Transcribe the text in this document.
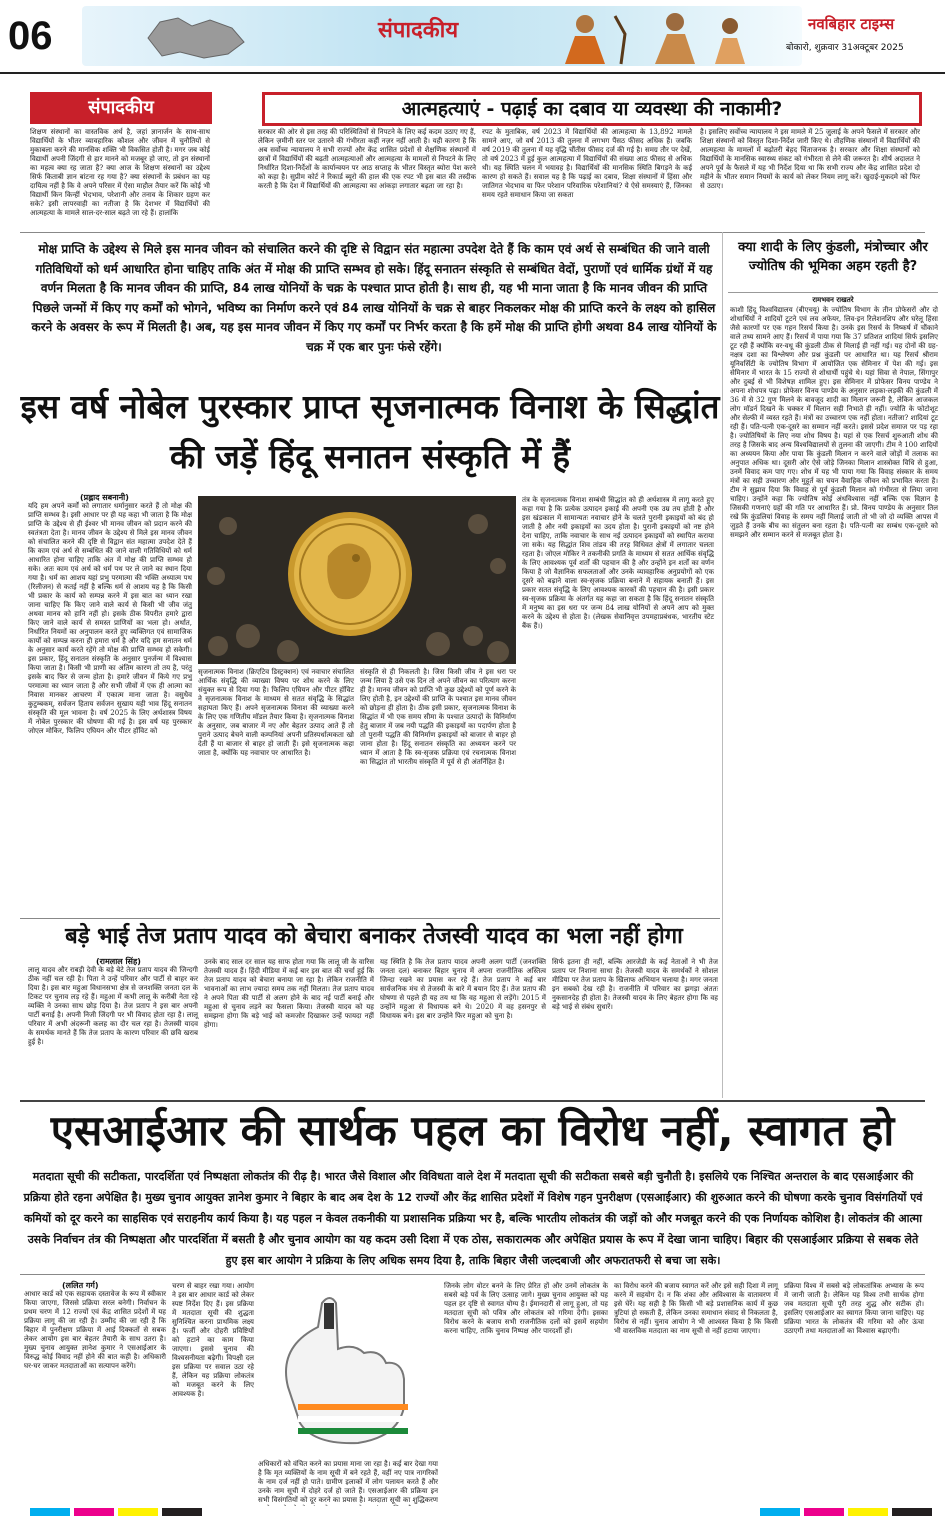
06	संपादकीय	नवबिहार टाइम्स
बोकारो, शुक्रवार 31अक्टूबर 2025
संपादकीय	आत्महत्याएं - पढ़ाई का दबाव या व्यवस्था की नाकामी?
शिक्षण संस्थानों का वास्तविक अर्थ है, जहां ज्ञानार्जन के साथ-साथ विद्यार्थियों के भीतर व्यावहारिक कौशल और जीवन में चुनौतियों से मुकाबला करने की मानसिक शक्ति भी विकसित होती है। मगर जब कोई विद्यार्थी अपनी जिंदगी से हार मानने को मजबूर हो जाए, तो इन संस्थानों का महत्व क्या रह जाता है? क्या आज के शिक्षण संस्थानों का उद्देश्य सिर्फ किताबी ज्ञान बांटना रह गया है? क्या संस्थानों के प्रबंधन का यह दायित्व नहीं है कि वे अपने परिसर में ऐसा माहौल तैयार करें कि कोई भी विद्यार्थी किन किन्हीं भेदभाव, परेशानी और तनाव के शिकार ग्रहण कर सके? इसी लापरवाही का नतीजा है कि देशभर में विद्यार्थियों की आत्महत्या के मामले साल-दर-साल बढ़ते जा रहे हैं। हालांकि
सरकार की ओर से इस तरह की परिस्थितियों से निपटने के लिए कई कदम उठाए गए हैं, लेकिन ज़मीनी स्तर पर उतारने की गंभीरता कहीं नज़र नहीं आती है। यही कारण है कि अब सर्वोच्च न्यायालय ने सभी राज्यों और केंद्र शासित प्रदेशों से शैक्षणिक संस्थानों में छात्रों में विद्यार्थियों की बढ़ती आत्महत्याओं और आत्महत्या के मामलों से निपटने के लिए निर्धारित दिशा-निर्देशों के कार्यान्वयन पर आठ सप्ताह के भीतर विस्तृत ब्योरा पेश करने को कहा है। सुप्रीम कोर्ट ने रिकार्ड ब्यूरो की हाल की एक रपट भी इस बात की तस्दीक करती है कि देश में विद्यार्थियों की आत्महत्या का आंकड़ा लगातार बढ़ता जा रहा है।
रपट के मुताबिक, वर्ष 2023 में विद्यार्थियों की आत्महत्या के 13,892 मामले सामने आए, जो वर्ष 2013 की तुलना में लगभग पैंसठ फीसद अधिक हैं। जबकि वर्ष 2019 की तुलना में यह वृद्धि चौंतीस फीसद दर्ज की गई है। समग्र तौर पर देखें, तो वर्ष 2023 में हुई कुल आत्महत्या में विद्यार्थियों की संख्या आठ फीसद से अधिक थी। यह स्थिति चलन में भयावह है। विद्यार्थियों की मानसिक स्थिति बिगड़ने के कई कारण हो सकते हैं। सवाल यह है कि पढ़ाई का दबाव, शिक्षा संस्थानों में हिंसा और जातिगत भेदभाव या फिर परेशान परिवारिक परेशानियां? ये ऐसे समस्याएं हैं, जिनका समय रहते समाधान किया जा सकता
है। इसलिए सर्वोच्च न्यायालय ने इस मामले में 25 जुलाई के अपने फैसले में सरकार और शिक्षा संस्थानों को विस्तृत दिशा-निर्देश जारी किए थे। तौहणिक संस्थानों में विद्यार्थियों की आत्महत्या के मामलों में बढ़ोतरी बेहद चिंताजनक है। सरकार और शिक्षा संस्थानों को विद्यार्थियों के मानसिक स्वास्थ्य संकट को गंभीरता से लेने की जरूरत है। शीर्ष अदालत ने अपने पूर्व के फैसले में यह भी निर्देश दिया था कि सभी राज्य और केंद्र शासित प्रदेश दो महीने के भीतर समान नियमों के कार्य को लेकर नियम लागू करें। खुदाई-मुकदमे को फिर से उठाए।
मोक्ष प्राप्ति के उद्देश्य से मिले इस मानव जीवन को संचालित करने की दृष्टि से विद्वान संत महात्मा उपदेश देते हैं कि काम एवं अर्थ से सम्बंधित की जाने वाली गतिविधियों को धर्म आधारित होना चाहिए ताकि अंत में मोक्ष की प्राप्ति सम्भव हो सके। हिंदू सनातन संस्कृति से सम्बंधित वेदों, पुराणों एवं धार्मिक ग्रंथों में यह वर्णन मिलता है कि मानव जीवन की प्राप्ति, 84 लाख योनियों के चक्र के पश्चात प्राप्त होती है। साथ ही, यह भी माना जाता है कि मानव जीवन की प्राप्ति पिछले जन्मों में किए गए कर्मों को भोगने, भविष्य का निर्माण करने एवं 84 लाख योनियों के चक्र से बाहर निकलकर मोक्ष की प्राप्ति करने के लक्ष्य को हासिल करने के अवसर के रूप में मिलती है। अब, यह इस मानव जीवन में किए गए कर्मों पर निर्भर करता है कि हमें मोक्ष की प्राप्ति होगी अथवा 84 लाख योनियों के चक्र में एक बार पुनः फंसे रहेंगे।
क्या शादी के लिए कुंडली, मंत्रोच्चार और ज्योतिष की भूमिका अहम रहती है?
रामभवन राखतरे
काशी हिंदू विश्वविद्यालय (बीएचयू) के ज्योतिष विभाग के तीन प्रोफेसरों और दो शोधार्थियों ने शादियों टूटने एवं लव अफेयर, लिव-इन रिलेशनशिप और घरेलू हिंसा जैसे कारणों पर एक गहन रिसर्च किया है। उनके इस रिसर्च के निष्कर्ष में चौंकाने वाले तथ्य सामने आए हैं। रिसर्च में पाया गया कि 37 प्रतिशत शादियां सिर्फ इसलिए टूट रही हैं क्योंकि वर-वधू की कुंडली ठीक से मिलाई ही नहीं गई। यह दोनों की ग्रह-नक्षत्र दशा का विश्लेषण और प्रश्न कुंडली पर आधारित था। यह रिसर्च श्रीराम यूनिवर्सिटी के ज्योतिष विभाग में आयोजित एक सेमिनार में पेश की गई। इस सेमिनार में भारत के 15 राज्यों से शोधार्थी पहुंचे थे। यहां सिवा से नेपाल, सिंगापुर और दुबई से भी विशेषज्ञ शामिल हुए। इस सेमिनार में प्रोफेसर विनय पाण्डेय ने अपना शोधपत्र पढ़ा। प्रोफेसर विनय पाण्डेय के अनुसार लड़का-लड़की की कुंडली में 36 में से 32 गुण मिलने के बावजूद शादी का मिलान जरूरी है, लेकिन आजकल लोग मॉडर्न दिखने के चक्कर में मिलान सही निभाते ही नहीं। ज्योति के फोटोशूट और सेल्फी में व्यस्त रहते हैं। मंत्रों का उच्चारण एक नहीं होता। नतीजा? शादियां टूट रही हैं। पति-पत्नी एक-दूसरे का सम्मान नहीं करते। इससे प्रदेश समाज पर पड़ रहा है। ज्योतिषियों के लिए नया शोध विषय है। यहां से एक रिसर्च शुरुआती शोध की तरह है जिसके बाद अन्य विश्वविद्यालयों से तुलना की जाएगी। टीम ने 100 शादियों का अध्ययन किया और पाया कि कुंडली मिलान न करने वाले जोड़ों में तलाक का अनुपात अधिक था। दूसरी ओर ऐसे जोड़े जिनका मिलान शास्त्रोक्त विधि से हुआ, उनमें विवाद कम पाए गए। शोध में यह भी पाया गया कि विवाह संस्कार के समय मंत्रों का सही उच्चारण और मुहूर्त का चयन वैवाहिक जीवन को प्रभावित करता है। टीम ने सुझाव दिया कि विवाह से पूर्व कुंडली मिलान को गंभीरता से लिया जाना चाहिए। उन्होंने कहा कि ज्योतिष कोई अंधविश्वास नहीं बल्कि एक विज्ञान है जिसकी गणनाएं ग्रहों की गति पर आधारित हैं। प्रो. विनय पाण्डेय के अनुसार तिल रखे कि कुंडलियां विवाह के समय नहीं मिलाई जाती तो भी जो दो व्यक्ति आपस में जुड़ते हैं उनके बीच का संतुलन बना रहता है। पति-पत्नी का सम्बंध एक-दूसरे को समझने और सम्मान करने से मजबूत होता है।
इस वर्ष नोबेल पुरस्कार प्राप्त सृजनात्मक विनाश के सिद्धांत की जड़ें हिंदू सनातन संस्कृति में हैं
(प्रह्लाद सबनानी)
यदि हम अपने कर्मों को लगातार धर्मानुसार करते हैं तो मोक्ष की प्राप्ति सम्भव है। इसी आधार पर ही यह कहा भी जाता है कि मोक्ष प्राप्ति के उद्देश्य से ही ईश्वर भी मानव जीवन को प्रदान करने की स्वतंत्रता देता है। मानव जीवन के उद्देश्य से मिले इस मानव जीवन को संचालित करने की दृष्टि से विद्वान संत महात्मा उपदेश देते हैं कि काम एवं अर्थ से सम्बंधित की जाने वाली गतिविधियों को धर्म आधारित होना चाहिए ताकि अंत में मोक्ष की प्राप्ति सम्भव हो सके। अतः काम एवं अर्थ को धर्म पथ पर ले जाने का स्थान दिया गया है। धर्म का आशय यहां प्रभु परमात्मा की भक्ति अध्यात्म पथ (रिलीजन) से कतई नहीं है बल्कि धर्म से आशय यह है कि किसी भी प्रकार के कार्य को सम्पन्न करने में इस बात का ध्यान रखा जाना चाहिए कि किए जाने वाले कार्य से किसी भी जीव जंतु अथवा मानव को हानि नहीं हो। इसके ठीक विपरीत हमारे द्वारा किए जाने वाले कार्य से समस्त प्राणियों का भला हो। अर्थात, निर्धारित नियमों का अनुपालन करते हुए व्यक्तिगत एवं सामाजिक कार्यों को सम्पन्न करना ही हमारा धर्म है और यदि हम सनातन धर्म के अनुसार कार्य करते रहेंगे तो मोक्ष की प्राप्ति सम्भव हो सकेगी। इस प्रकार, हिंदू सनातन संस्कृति के अनुसार पुनर्जन्म में विश्वास किया जाता है। किसी भी प्राणी का अंतिम कारण तो तय है, परंतु इसके बाद फिर से जन्म होता है। हमारे जीवन में किये गए प्रभु परमात्मा का ध्यान जाता है और सभी जीवों में एक ही आत्मा का निवास मानकर आचरण में एकात्म माना जाता है। वसुधैव कुटुम्बकम्, सर्वजन हिताय सर्वजन सुखाय यही भाव हिंदू सनातन संस्कृति की मूल भावना है। वर्ष 2025 के लिए अर्थशास्त्र विषय में नोबेल पुरस्कार की घोषणा की गई है। इस वर्ष यह पुरस्कार जोएल मोकिर, फिलिप एघियन और पीटर हॉविट को
सृजनात्मक विनाश (क्रिएटिव डिस्ट्रक्शन) एवं नवाचार संचालित आर्थिक संवृद्धि की व्याख्या विषय पर शोध करने के लिए संयुक्त रूप से दिया गया है। फिलिप एघियन और पीटर हॉविट ने सृजनात्मक विनाश के माध्यम से सतत संवृद्धि के सिद्धांत सहायता किए हैं। अपने सृजनात्मक विनाश की व्याख्या करने के लिए एक गणितीय मॉडल तैयार किया है। सृजनात्मक विनाश के अनुसार, जब बाजार में नए और बेहतर उत्पाद आते हैं तो पुराने उत्पाद बेचने वाली कम्पनियां अपनी प्रतिस्पर्धात्मकता खो देती हैं या बाजार से बाहर हो जाती हैं। इसे सृजनात्मक कहा जाता है, क्योंकि यह नवाचार पर आधारित है।
संस्कृति से ही निकलती है। जिस किसी जीव ने इस धरा पर जन्म लिया है उसे एक दिन तो अपने जीवन का परित्याग करना ही है। मानव जीवन को प्राप्ति भी कुछ उद्देश्यों को पूर्ण करने के लिए होती है, इन उद्देश्यों की प्राप्ति के पश्चात इस मानव जीवन को छोड़ना ही होता है। ठीक इसी प्रकार, सृजनात्मक विनाश के सिद्धांत में भी एक समय सीमा के पश्चात उत्पादों के विनिर्माण हेतु बाजार में जब नयी पद्धति की इकाइयों का पदार्पण होता है तो पुरानी पद्धति की विनिर्माण इकाइयों को बाजार से बाहर हो जाना होता है। हिंदू सनातन संस्कृति का अध्ययन करने पर ध्यान में आता है कि स्व-सृजक प्रक्रिया एवं रचनात्मक विनाश का सिद्धांत तो भारतीय संस्कृति में पूर्व से ही अंतर्निहित है।
तंत्र के सृजनात्मक विनाश सम्बंधी सिद्धांत को ही अर्थशास्त्र में लागू करते हुए कहा गया है कि प्रत्येक उत्पादन इकाई की अपनी एक उम्र तय होती है और इस खंडकाल में सामान्यतः नवाचार होने के चलते पुरानी इकाइयों को बंद हो जाती है और नयी इकाइयों का उदय होता है। पुरानी इकाइयों को नष्ट होने देना चाहिए, ताकि नवाचार के साथ नई उत्पादन इकाइयों को स्थापित कराया जा सके। यह सिद्धांत शिव तांडव की तरह विधिवत क्षेत्रों में लगातार चलता रहता है। जोएल मोकिर ने तकनीकी प्रगति के माध्यम से सतत आर्थिक संवृद्धि के लिए आवश्यक पूर्व शर्तों की पहचान की है और उन्होंने इन शर्तों का वर्णन किया है जो वैज्ञानिक सफलताओं और उनके व्यावहारिक अनुप्रयोगों को एक दूसरे को बढ़ाने वाला स्व-सृजक प्रक्रिया बनाने में सहायक बनाती हैं। इस प्रकार सतत संवृद्धि के लिए आवश्यक कारकों की पहचान की है। इसी प्रकार स्व-सृजक प्रक्रिया के अंतर्गत यह कहा जा सकता है कि हिंदू सनातन संस्कृति में मनुष्य का इस धरा पर जन्म 84 लाख योनियों से अपने आप को मुक्त करने के उद्देश्य से होता है। (लेखक सेवानिवृत्त उपमहाप्रबंधक, भारतीय स्टेट बैंक हैं।)
बड़े भाई तेज प्रताप यादव को बेचारा बनाकर तेजस्वी यादव का भला नहीं होगा
(रामलाल सिंह)
लालू यादव और राबड़ी देवी के बड़े बेटे तेज प्रताप यादव की जिन्दगी ठीक नहीं चल रही है। पिता ने उन्हें परिवार और पार्टी से बाहर कर दिया है। इस बार महुआ विधानसभा क्षेत्र से जनशक्ति जनता दल के टिकट पर चुनाव लड़ रहे हैं। महुआ में कभी लालू के करीबी नेता रहे व्यक्ति ने उनका साथ छोड़ दिया है। तेज प्रताप ने इस बार अपनी पार्टी बनाई है। अपनी निजी जिंदगी पर भी विवाद होता रहा है। लालू परिवार में अभी अंदरूनी कलह का दौर चल रहा है। तेजस्वी यादव के समर्थक मानते हैं कि तेज प्रताप के कारण परिवार की छवि खराब हुई है।
उनके बाद साल दर साल यह साफ होता गया कि लालू जी के वारिस तेजस्वी यादव हैं। हिंदी मीडिया में कई बार इस बात की चर्चा हुई कि तेज प्रताप यादव को बेचारा बनाया जा रहा है। लेकिन राजनीति में भावनाओं का लाभ ज्यादा समय तक नहीं मिलता। तेज प्रताप यादव ने अपने पिता की पार्टी से अलग होने के बाद नई पार्टी बनाई और महुआ से चुनाव लड़ने का फैसला किया। तेजस्वी यादव को यह समझना होगा कि बड़े भाई को कमजोर दिखाकर उन्हें फायदा नहीं होगा।
यह स्थिति है कि तेज प्रताप यादव अपनी अलग पार्टी (जनशक्ति जनता दल) बनाकर बिहार चुनाव में अपना राजनीतिक अस्तित्व जिन्दा रखने का प्रयास कर रहे हैं। तेज प्रताप ने कई बार सार्वजनिक मंच से तेजस्वी के बारे में बयान दिए हैं। तेज प्रताप की घोषणा से पहले ही यह तय था कि वह महुआ से लड़ेंगे। 2015 में उन्होंने महुआ से विधायक बने थे। 2020 में वह हसनपुर से विधायक बने। इस बार उन्होंने फिर महुआ को चुना है।
सिर्फ इतना ही नहीं, बल्कि आरजेडी के कई नेताओं ने भी तेज प्रताप पर निशाना साधा है। तेजस्वी यादव के समर्थकों ने सोशल मीडिया पर तेज प्रताप के खिलाफ अभियान चलाया है। मगर जनता इन सबको देख रही है। राजनीति में परिवार का झगड़ा अंततः नुकसानदेह ही होता है। तेजस्वी यादव के लिए बेहतर होगा कि वह बड़े भाई से संबंध सुधारें।
एसआईआर की सार्थक पहल का विरोध नहीं, स्वागत हो
मतदाता सूची की सटीकता, पारदर्शिता एवं निष्पक्षता लोकतंत्र की रीढ़ है। भारत जैसे विशाल और विविधता वाले देश में मतदाता सूची की सटीकता सबसे बड़ी चुनौती है। इसलिये एक निश्चित अन्तराल के बाद एसआईआर की प्रक्रिया होते रहना अपेक्षित है। मुख्य चुनाव आयुक्त ज्ञानेश कुमार ने बिहार के बाद अब देश के 12 राज्यों और केंद्र शासित प्रदेशों में विशेष गहन पुनरीक्षण (एसआईआर) की शुरुआत करने की घोषणा करके चुनाव विसंगतियों एवं कमियों को दूर करने का साहसिक एवं सराहनीय कार्य किया है। यह पहल न केवल तकनीकी या प्रशासनिक प्रक्रिया भर है, बल्कि भारतीय लोकतंत्र की जड़ों को और मजबूत करने की एक निर्णायक कोशिश है। लोकतंत्र की आत्मा उसके निर्वाचन तंत्र की निष्पक्षता और पारदर्शिता में बसती है और चुनाव आयोग का यह कदम उसी दिशा में एक ठोस, सकारात्मक और अपेक्षित प्रयास के रूप में देखा जाना चाहिए। बिहार की एसआईआर प्रक्रिया से सबक लेते हुए इस बार आयोग ने प्रक्रिया के लिए अधिक समय दिया है, ताकि बिहार जैसी जल्दबाजी और अफरातफरी से बचा जा सके।
(ललित गर्ग)
आधार कार्ड को एक सहायक दस्तावेज के रूप में स्वीकार किया जाएगा, जिससे प्रक्रिया सरल बनेगी। निर्वाचन के प्रथम चरण में 12 राज्यों एवं केंद्र शासित प्रदेशों में यह प्रक्रिया लागू की जा रही है। उम्मीद की जा रही है कि बिहार में पुनरीक्षण प्रक्रिया में आई दिक्कतों से सबक लेकर आयोग इस बार बेहतर तैयारी के साथ उतरा है। मुख्य चुनाव आयुक्त ज्ञानेश कुमार ने एसआईआर के विरुद्ध कोई विवाद नहीं होने की बात कही है। अधिकारी घर-घर जाकर मतदाताओं का सत्यापन करेंगे।
चरण से बाहर रखा गया। आयोग ने इस बार आधार कार्ड को लेकर स्पष्ट निर्देश दिए हैं। इस प्रक्रिया में मतदाता सूची की शुद्धता सुनिश्चित करना प्राथमिक लक्ष्य है। फर्जी और दोहरी प्रविष्टियों को हटाने का काम किया जाएगा। इससे चुनाव की विश्वसनीयता बढ़ेगी। विपक्षी दल इस प्रक्रिया पर सवाल उठा रहे हैं, लेकिन यह प्रक्रिया लोकतंत्र को मजबूत करने के लिए आवश्यक है।
अधिकारों को वंचित करने का प्रयास माना जा रहा है। कई बार देखा गया है कि मृत व्यक्तियों के नाम सूची में बने रहते हैं, वहीं नए पात्र नागरिकों के नाम दर्ज नहीं हो पाते। ग्रामीण इलाकों में लोग पलायन करते हैं और उनके नाम सूची में दोहरे दर्ज हो जाते हैं। एसआईआर की प्रक्रिया इन सभी विसंगतियों को दूर करने का प्रयास है। मतदाता सूची का शुद्धिकरण
जिनके लोग वोटर बनने के लिए प्रेरित हों और उनमें लोकतंत्र के सबसे बड़े पर्व के लिए उत्साह जागे। मुख्य चुनाव आयुक्त को यह पहल हर दृष्टि से स्वागत योग्य है। ईमानदारी से लागू हुआ, तो यह मतदाता सूची को पवित्र और लोकतंत्र को गरिमा देगी। इसका विरोध करने के बजाय सभी राजनीतिक दलों को इसमें सहयोग करना चाहिए, ताकि चुनाव निष्पक्ष और पारदर्शी हों।
का विरोध करने की बजाय स्वागत करें और इसे सही दिशा में लागू करने में सहयोग दें। न कि शंका और अविश्वास के वातावरण में इसे घेरें। यह सही है कि किसी भी बड़े प्रशासनिक कार्य में कुछ त्रुटियां हो सकती हैं, लेकिन उनका समाधान संवाद से निकलता है, विरोध से नहीं। चुनाव आयोग ने भी आश्वस्त किया है कि किसी भी वास्तविक मतदाता का नाम सूची से नहीं हटाया जाएगा।
प्रक्रिया विश्व में सबसे बड़े लोकतांत्रिक अभ्यास के रूप में जानी जाती है। लेकिन यह विश्व तभी सार्थक होगा जब मतदाता सूची पूरी तरह शुद्ध और सटीक हो। इसलिए एसआईआर का स्वागत किया जाना चाहिए। यह प्रक्रिया भारत के लोकतंत्र की गरिमा को और ऊंचा उठाएगी तथा मतदाताओं का विश्वास बढ़ाएगी।
